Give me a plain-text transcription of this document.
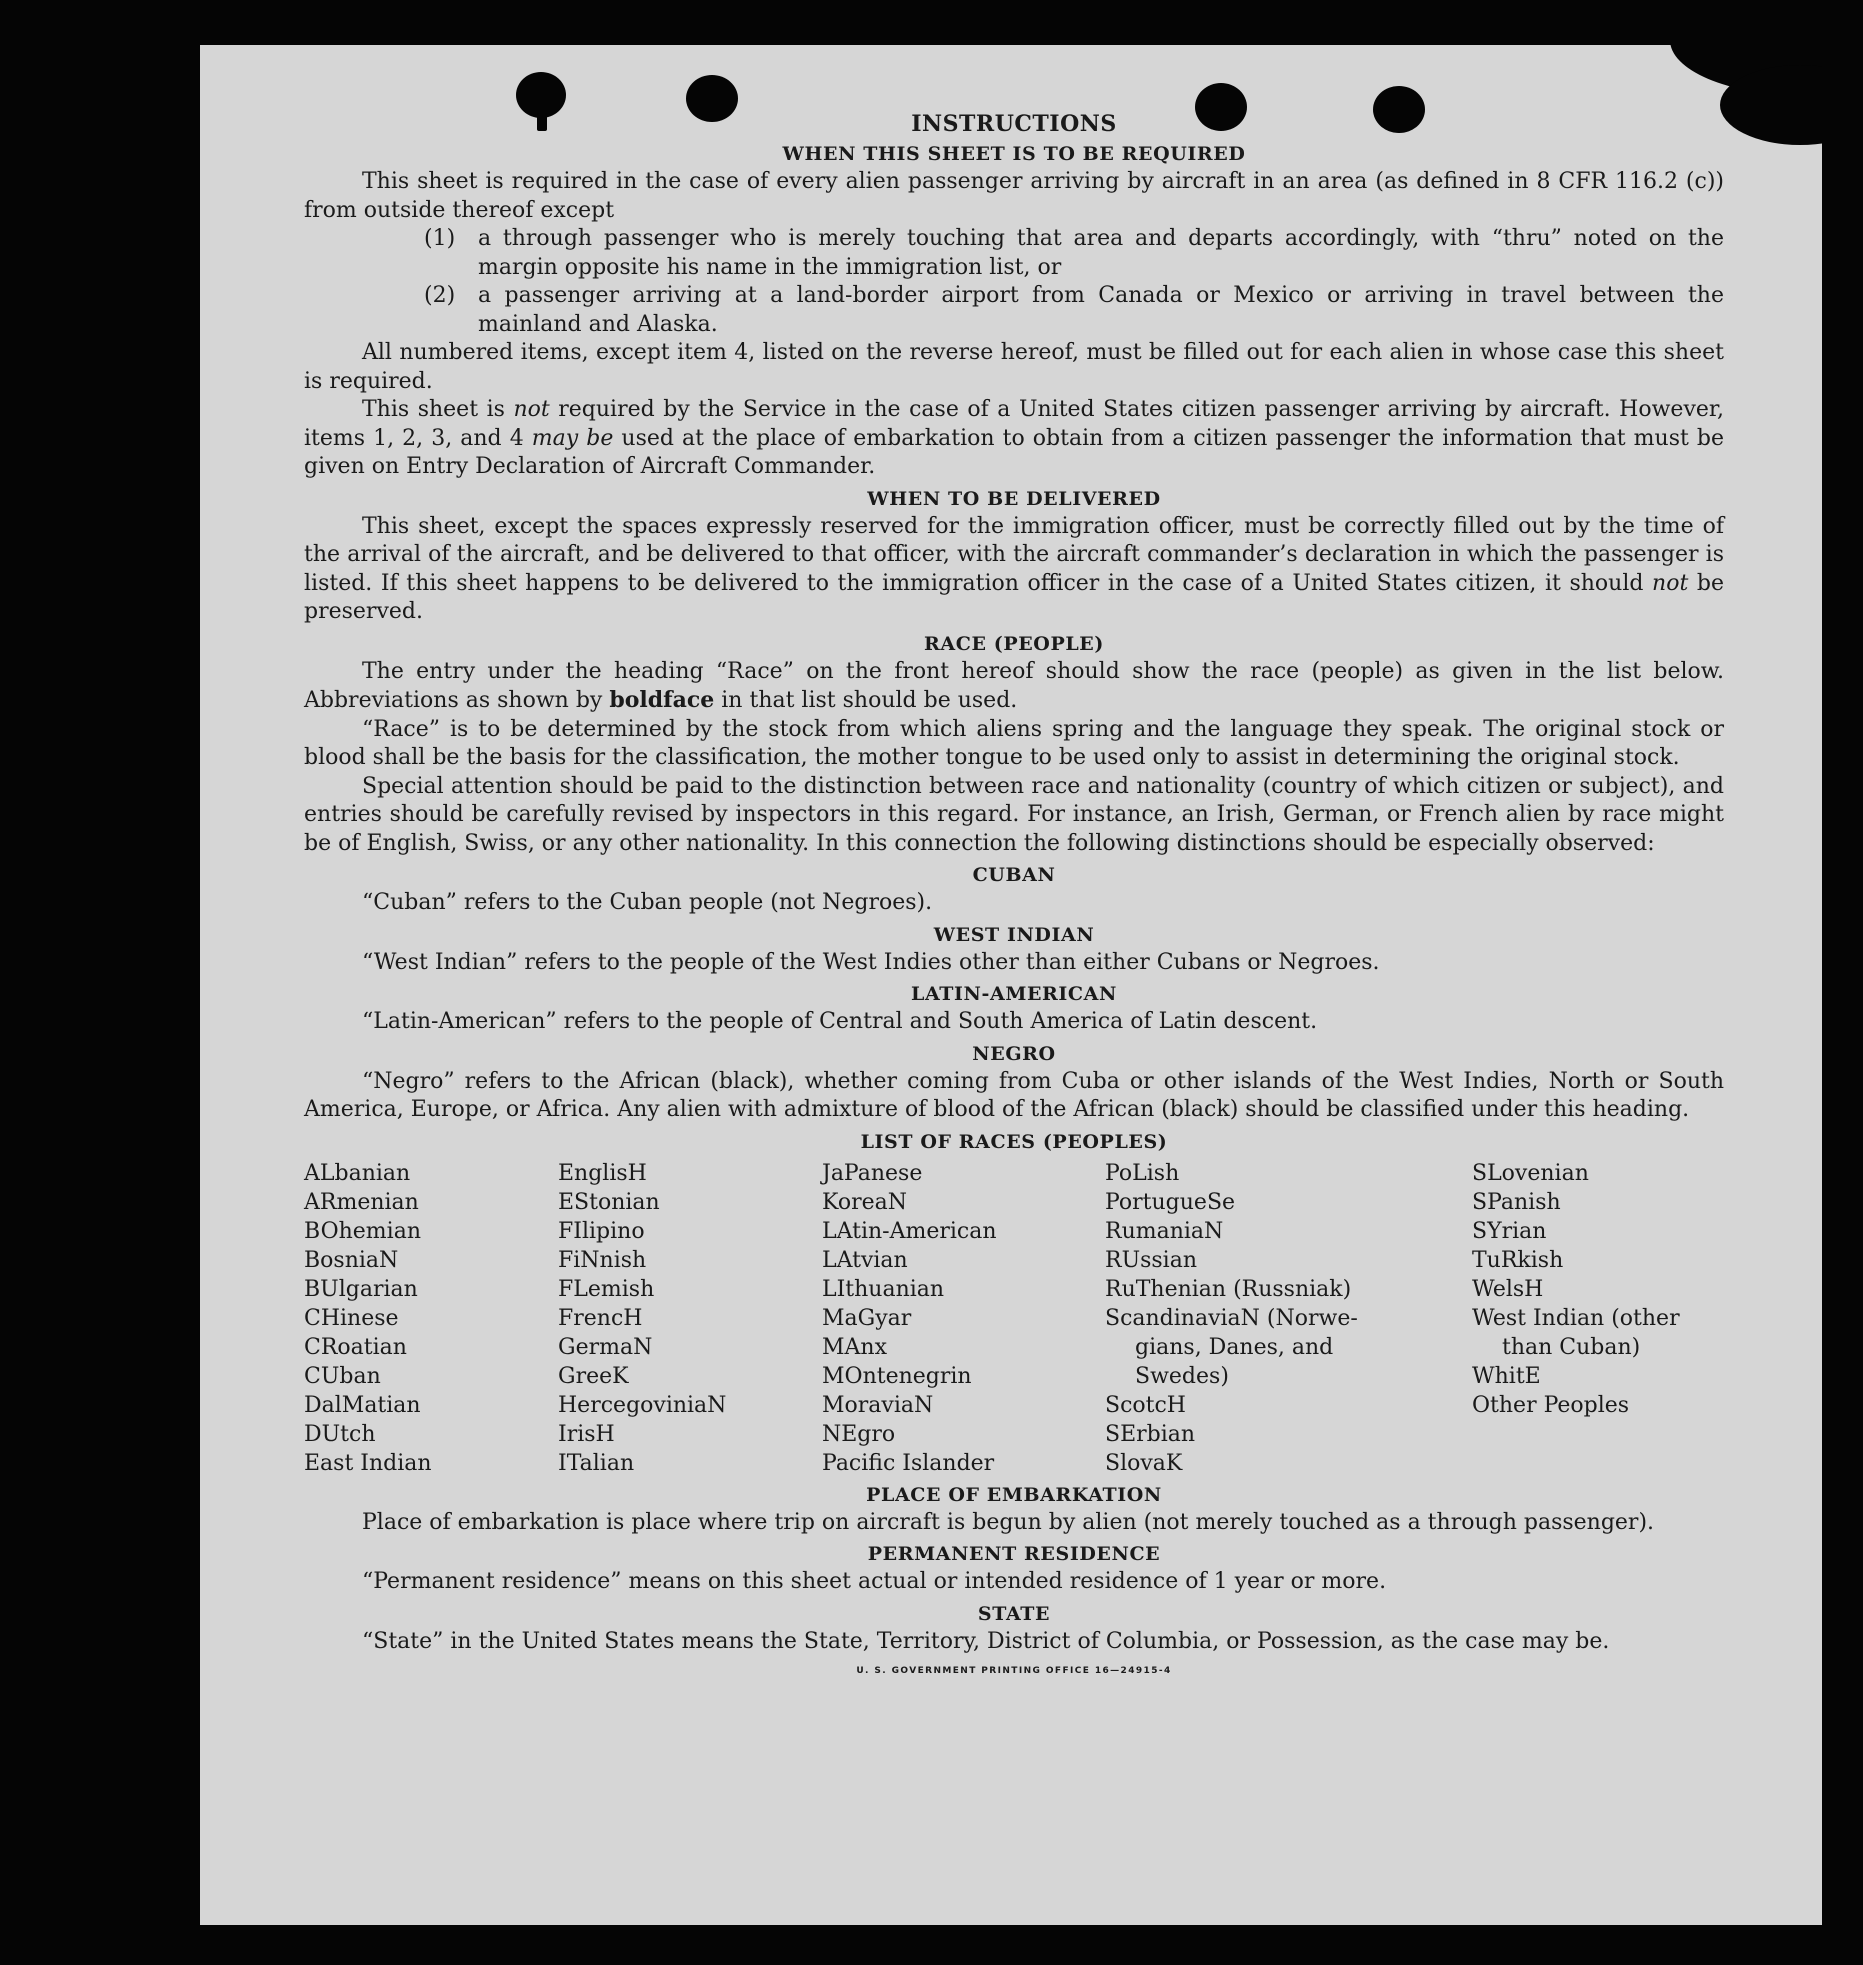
INSTRUCTIONS
WHEN THIS SHEET IS TO BE REQUIRED

This sheet is required in the case of every alien passenger arriving by aircraft in an area (as defined in 8 CFR 116.2 (c)) from outside thereof except

(1)	a through passenger who is merely touching that area and departs accordingly, with “thru” noted on the margin opposite his name in the immigration list, or
(2)	a passenger arriving at a land-border airport from Canada or Mexico or arriving in travel between the mainland and Alaska.

All numbered items, except item 4, listed on the reverse hereof, must be filled out for each alien in whose case this sheet is required.

This sheet is not required by the Service in the case of a United States citizen passenger arriving by aircraft. However, items 1, 2, 3, and 4 may be used at the place of embarkation to obtain from a citizen passenger the information that must be given on Entry Declaration of Aircraft Commander.

WHEN TO BE DELIVERED

This sheet, except the spaces expressly reserved for the immigration officer, must be correctly filled out by the time of the arrival of the aircraft, and be delivered to that officer, with the aircraft commander’s declaration in which the passenger is listed. If this sheet happens to be delivered to the immigration officer in the case of a United States citizen, it should not be preserved.

RACE (PEOPLE)

The entry under the heading “Race” on the front hereof should show the race (people) as given in the list below. Abbreviations as shown by boldface in that list should be used.

“Race” is to be determined by the stock from which aliens spring and the language they speak. The original stock or blood shall be the basis for the classification, the mother tongue to be used only to assist in determining the original stock.

Special attention should be paid to the distinction between race and nationality (country of which citizen or subject), and entries should be carefully revised by inspectors in this regard. For instance, an Irish, German, or French alien by race might be of English, Swiss, or any other nationality. In this connection the following distinctions should be especially observed:

CUBAN
“Cuban” refers to the Cuban people (not Negroes).
WEST INDIAN
“West Indian” refers to the people of the West Indies other than either Cubans or Negroes.
LATIN-AMERICAN
“Latin-American” refers to the people of Central and South America of Latin descent.
NEGRO

“Negro” refers to the African (black), whether coming from Cuba or other islands of the West Indies, North or South America, Europe, or Africa. Any alien with admixture of blood of the African (black) should be classified under this heading.

LIST OF RACES (PEOPLES)
ALbanian
ARmenian
BOhemian
BosniaN
BUlgarian
CHinese
CRoatian
CUban
DalMatian
DUtch
East Indian
EnglisH
EStonian
FIlipino
FiNnish
FLemish
FrencH
GermaN
GreeK
HercegoviniaN
IrisH
ITalian
JaPanese
KoreaN
LAtin-American
LAtvian
LIthuanian
MaGyar
MAnx
MOntenegrin
MoraviaN
NEgro
Pacific Islander
PoLish
PortugueSe
RumaniaN
RUssian
RuThenian (Russniak)
ScandinaviaN (Norwe-
gians, Danes, and
Swedes)
ScotcH
SErbian
SlovaK
SLovenian
SPanish
SYrian
TuRkish
WelsH
West Indian (other
than Cuban)
WhitE
Other Peoples
PLACE OF EMBARKATION

Place of embarkation is place where trip on aircraft is begun by alien (not merely touched as a through passenger).

PERMANENT RESIDENCE
“Permanent residence” means on this sheet actual or intended residence of 1 year or more.
STATE

“State” in the United States means the State, Territory, District of Columbia, or Possession, as the case may be.

U. S. GOVERNMENT PRINTING OFFICE 16—24915-4
